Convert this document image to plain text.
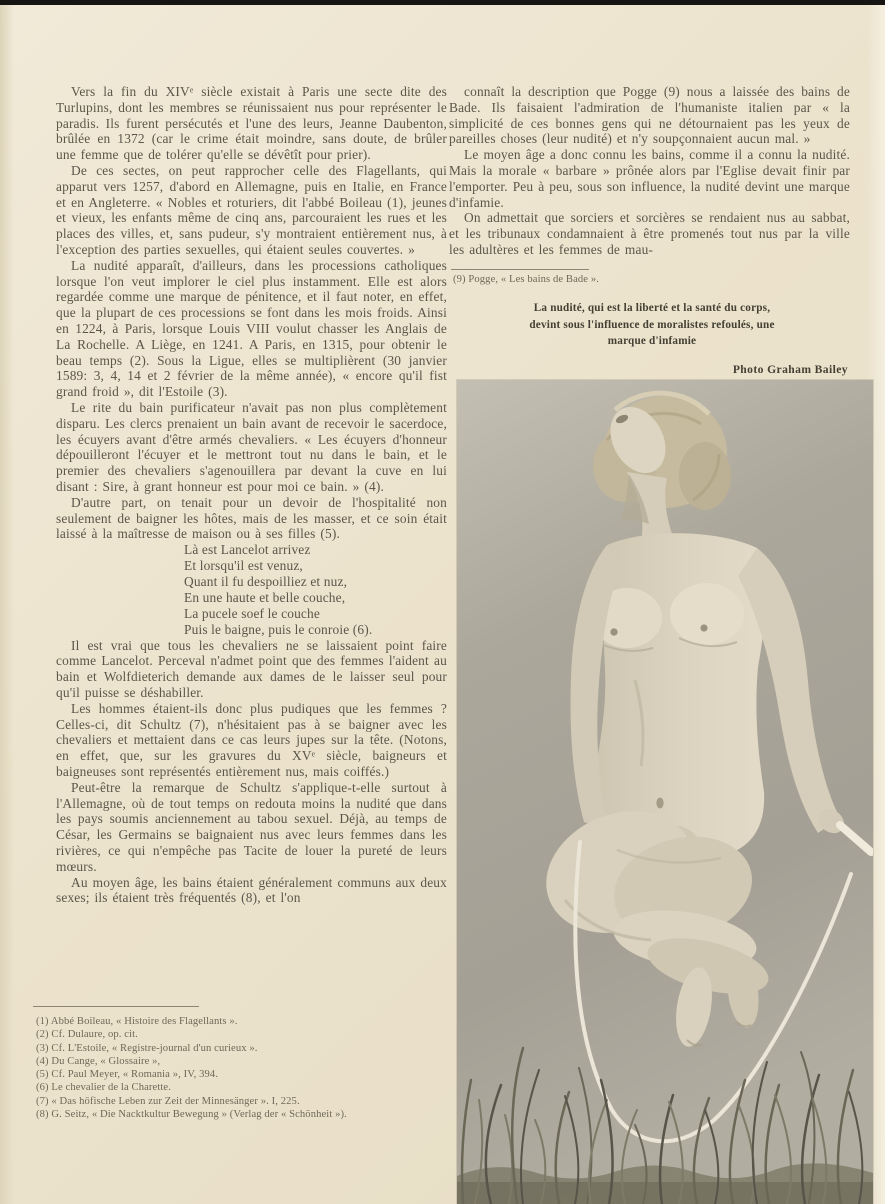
Vers la fin du XIVᵉ siècle existait à Paris une secte dite des Turlupins, dont les membres se réunissaient nus pour représenter le paradis. Ils furent persécutés et l'une des leurs, Jeanne Daubenton, brûlée en 1372 (car le crime était moindre, sans doute, de brûler une femme que de tolérer qu'elle se dévêtît pour prier).

De ces sectes, on peut rapprocher celle des Flagellants, qui apparut vers 1257, d'abord en Allemagne, puis en Italie, en France et en Angleterre. « Nobles et roturiers, dit l'abbé Boileau (1), jeunes et vieux, les enfants même de cinq ans, parcouraient les rues et les places des villes, et, sans pudeur, s'y montraient entièrement nus, à l'exception des parties sexuelles, qui étaient seules couvertes. »

La nudité apparaît, d'ailleurs, dans les processions catholiques lorsque l'on veut implorer le ciel plus instamment. Elle est alors regardée comme une marque de pénitence, et il faut noter, en effet, que la plupart de ces processions se font dans les mois froids. Ainsi en 1224, à Paris, lorsque Louis VIII voulut chasser les Anglais de La Rochelle. A Liège, en 1241. A Paris, en 1315, pour obtenir le beau temps (2). Sous la Ligue, elles se multiplièrent (30 janvier 1589: 3, 4, 14 et 2 février de la même année), « encore qu'il fist grand froid », dit l'Estoile (3).

Le rite du bain purificateur n'avait pas non plus complètement disparu. Les clercs prenaient un bain avant de recevoir le sacerdoce, les écuyers avant d'être armés chevaliers. « Les écuyers d'honneur dépouilleront l'écuyer et le mettront tout nu dans le bain, et le premier des chevaliers s'agenouillera par devant la cuve en lui disant : Sire, à grant honneur est pour moi ce bain. » (4).

D'autre part, on tenait pour un devoir de l'hospitalité non seulement de baigner les hôtes, mais de les masser, et ce soin était laissé à la maîtresse de maison ou à ses filles (5).

Là est Lancelot arrivez
Et lorsqu'il est venuz,
Quant il fu despoilliez et nuz,
En une haute et belle couche,
La pucele soef le couche
Puis le baigne, puis le conroie (6).

Il est vrai que tous les chevaliers ne se laissaient point faire comme Lancelot. Perceval n'admet point que des femmes l'aident au bain et Wolfdieterich demande aux dames de le laisser seul pour qu'il puisse se déshabiller.

Les hommes étaient-ils donc plus pudiques que les femmes ? Celles-ci, dit Schultz (7), n'hésitaient pas à se baigner avec les chevaliers et mettaient dans ce cas leurs jupes sur la tête. (Notons, en effet, que, sur les gravures du XVᵉ siècle, baigneurs et baigneuses sont représentés entièrement nus, mais coiffés.)

Peut-être la remarque de Schultz s'applique-t-elle surtout à l'Allemagne, où de tout temps on redouta moins la nudité que dans les pays soumis anciennement au tabou sexuel. Déjà, au temps de César, les Germains se baignaient nus avec leurs femmes dans les rivières, ce qui n'empêche pas Tacite de louer la pureté de leurs mœurs.

Au moyen âge, les bains étaient généralement communs aux deux sexes; ils étaient très fréquentés (8), et l'on

(1) Abbé Boileau, « Histoire des Flagellants ».
(2) Cf. Dulaure, op. cit.
(3) Cf. L'Estoile, « Registre-journal d'un curieux ».
(4) Du Cange, « Glossaire »,
(5) Cf. Paul Meyer, « Romania », IV, 394.
(6) Le chevalier de la Charette.
(7) « Das höfische Leben zur Zeit der Minnesänger ». I, 225.
(8) G. Seitz, « Die Nacktkultur Bewegung » (Verlag der « Schönheit »).

connaît la description que Pogge (9) nous a laissée des bains de Bade. Ils faisaient l'admiration de l'humaniste italien par « la simplicité de ces bonnes gens qui ne détournaient pas les yeux de pareilles choses (leur nudité) et n'y soupçonnaient aucun mal. »

Le moyen âge a donc connu les bains, comme il a connu la nudité. Mais la morale « barbare » prônée alors par l'Eglise devait finir par l'emporter. Peu à peu, sous son influence, la nudité devint une marque d'infamie.

On admettait que sorciers et sorcières se rendaient nus au sabbat, et les tribunaux condamnaient à être promenés tout nus par la ville les adultères et les femmes de mau-

(9) Pogge, « Les bains de Bade ».
La nudité, qui est la liberté et la santé du corps,
devint sous l'influence de moralistes refoulés, une
marque d'infamie
Photo Graham Bailey
